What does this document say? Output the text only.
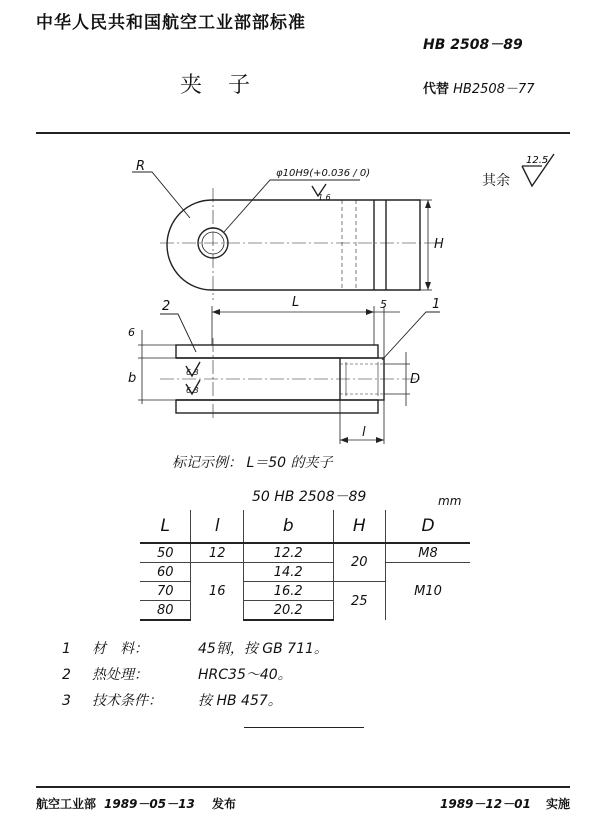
中华人民共和国航空工业部部标准
HB 2508－89
夹子	代替 HB2508－77
其余
12.5
R	φ10H9(+0.036 / 0)
1.6
H
2	L	5	1
6
b	6.3
6.3
D
l
标记示例： L＝50 的夹子
50 HB 2508－89	mm
L	l	b	H	D
50	12	12.2	20	M8
60	16	14.2		M10
70		16.2	25	
80		20.2		
1 材　料：	45钢，按 GB 711。
2 热处理：	HRC35～40。
3 技术条件：	按 HB 457。
航空工业部 1989－05－13 发布	1989－12－01 实施
